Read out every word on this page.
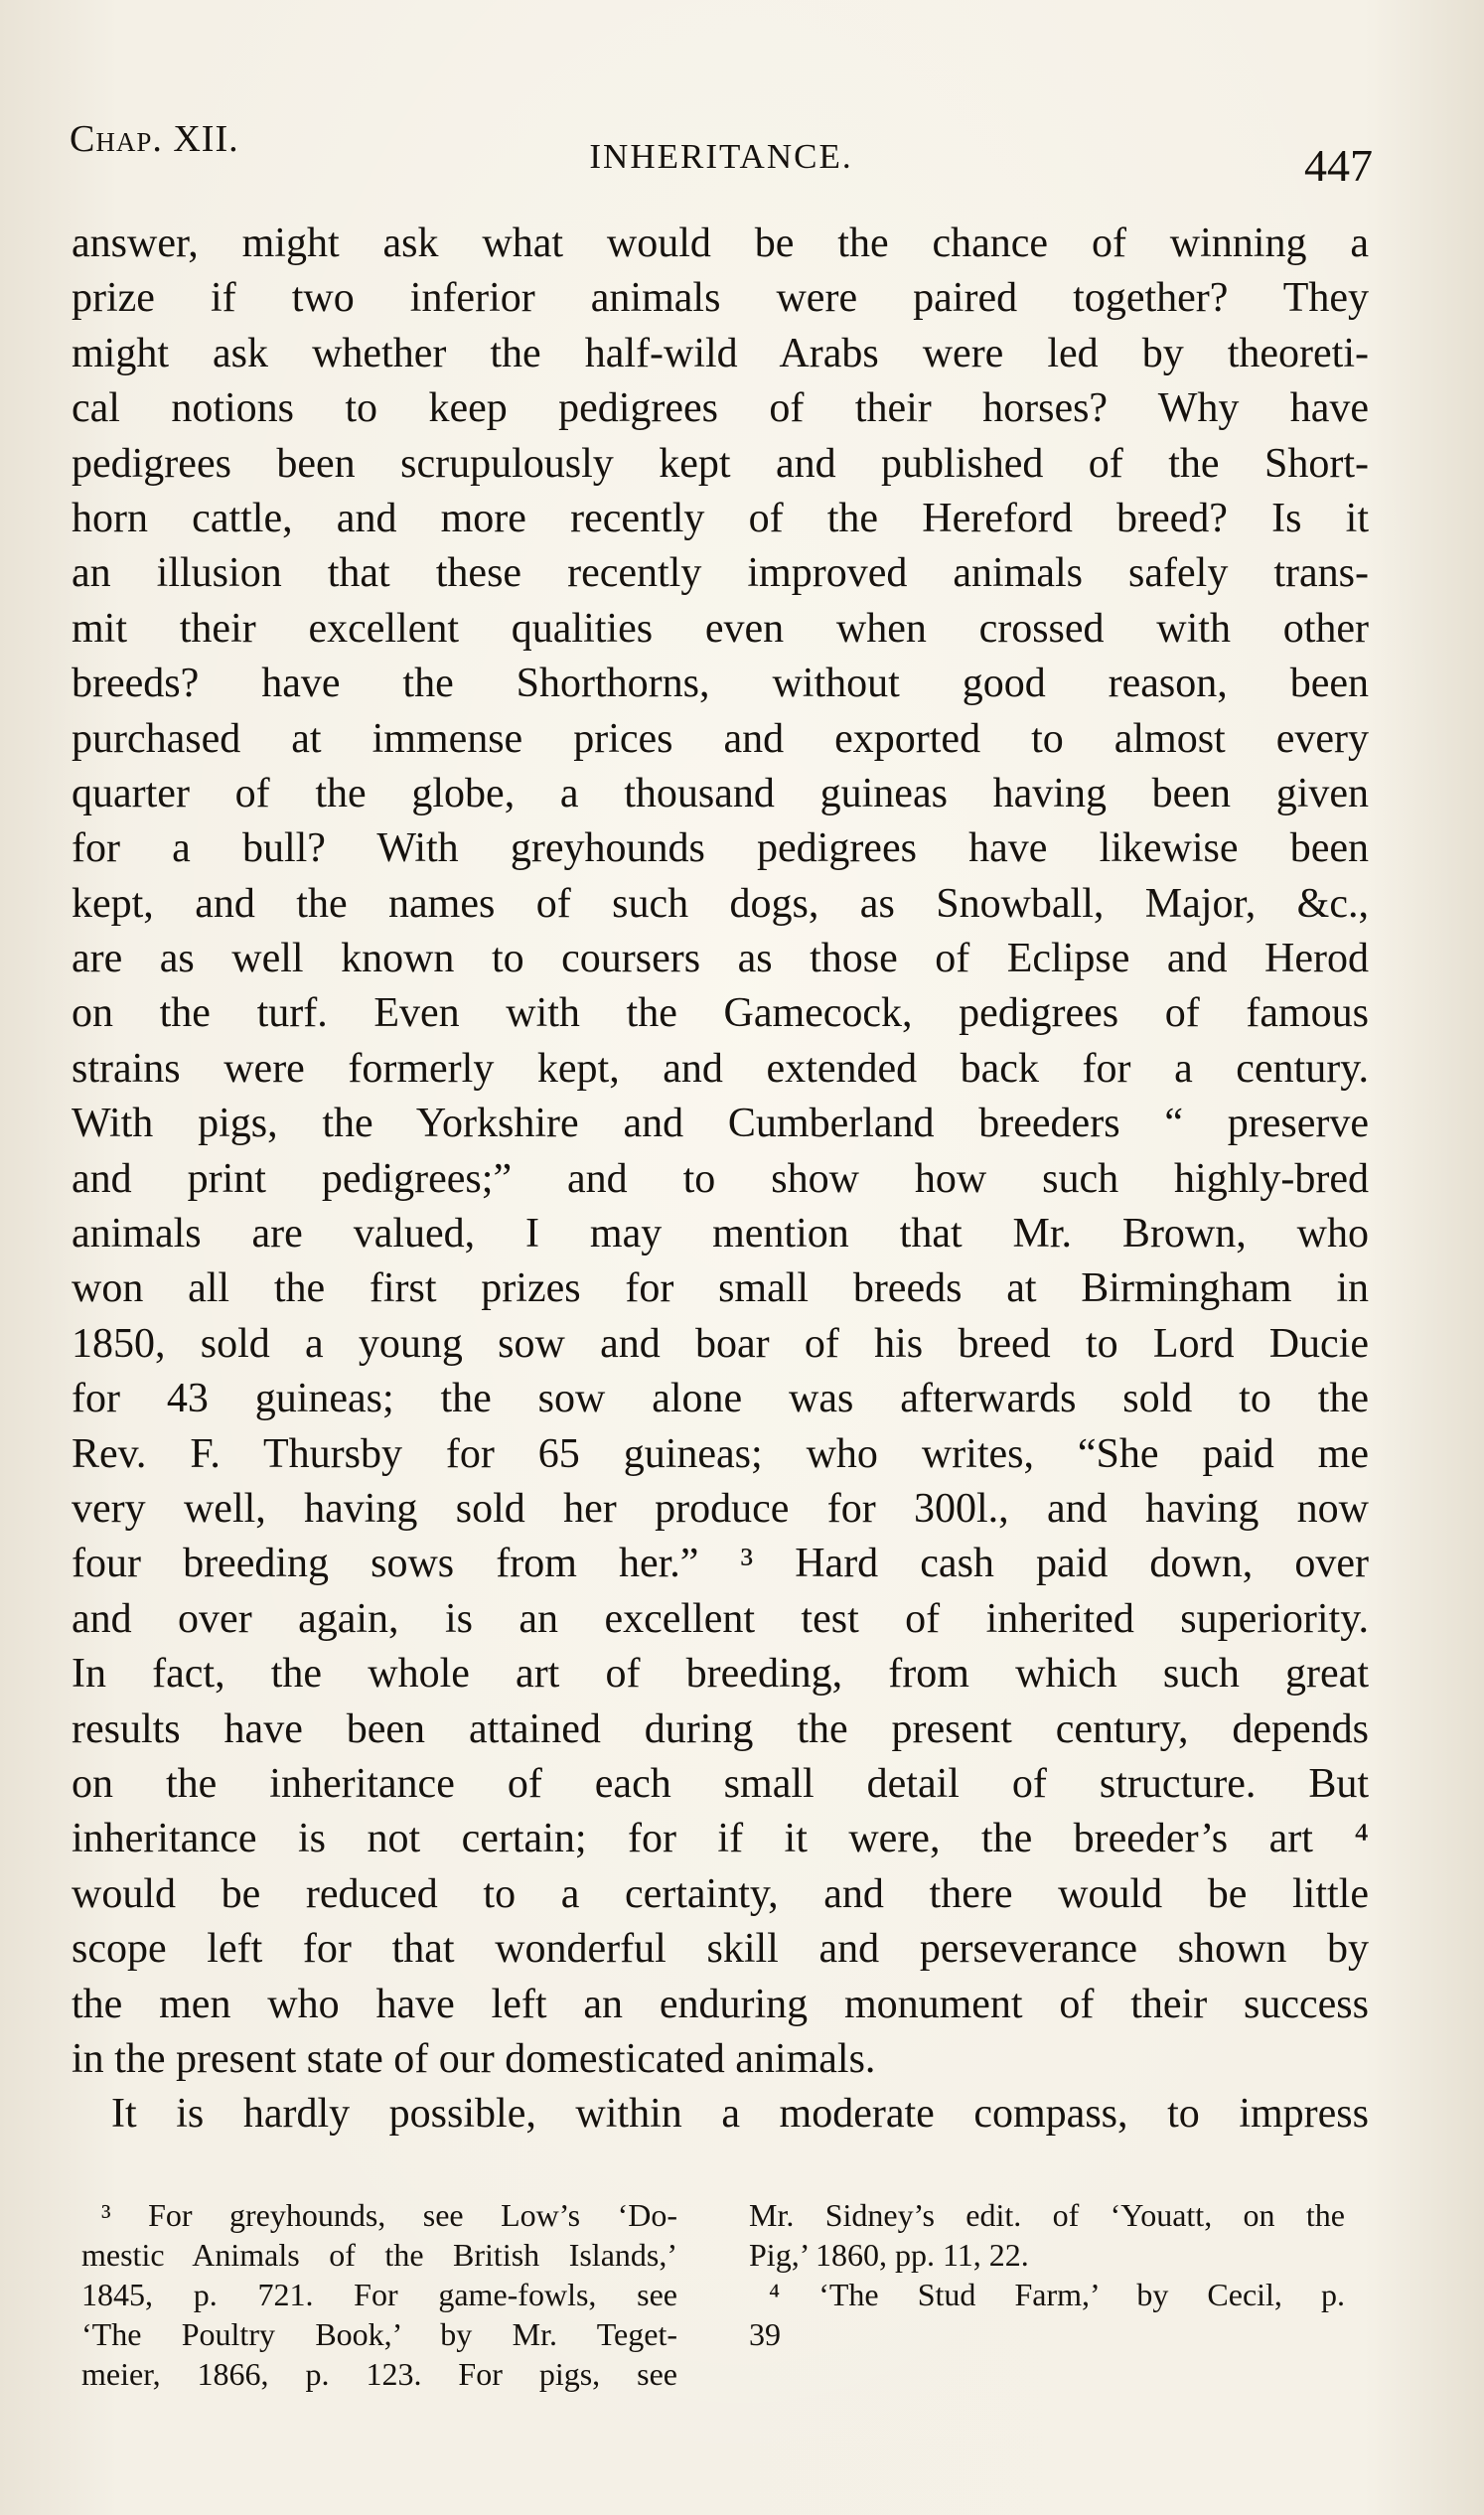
Chap. XII.	INHERITANCE.	447
answer, might ask what would be the chance of winning a
prize if two inferior animals were paired together? They
might ask whether the half-wild Arabs were led by theoreti-
cal notions to keep pedigrees of their horses? Why have
pedigrees been scrupulously kept and published of the Short-
horn cattle, and more recently of the Hereford breed? Is it
an illusion that these recently improved animals safely trans-
mit their excellent qualities even when crossed with other
breeds? have the Shorthorns, without good reason, been
purchased at immense prices and exported to almost every
quarter of the globe, a thousand guineas having been given
for a bull? With greyhounds pedigrees have likewise been
kept, and the names of such dogs, as Snowball, Major, &c.,
are as well known to coursers as those of Eclipse and Herod
on the turf. Even with the Gamecock, pedigrees of famous
strains were formerly kept, and extended back for a century.
With pigs, the Yorkshire and Cumberland breeders “ preserve
and print pedigrees;” and to show how such highly-bred
animals are valued, I may mention that Mr. Brown, who
won all the first prizes for small breeds at Birmingham in
1850, sold a young sow and boar of his breed to Lord Ducie
for 43 guineas; the sow alone was afterwards sold to the
Rev. F. Thursby for 65 guineas; who writes, “She paid me
very well, having sold her produce for 300l., and having now
four breeding sows from her.” ³ Hard cash paid down, over
and over again, is an excellent test of inherited superiority.
In fact, the whole art of breeding, from which such great
results have been attained during the present century, depends
on the inheritance of each small detail of structure. But
inheritance is not certain; for if it were, the breeder’s art ⁴
would be reduced to a certainty, and there would be little
scope left for that wonderful skill and perseverance shown by
the men who have left an enduring monument of their success
in the present state of our domesticated animals.
It is hardly possible, within a moderate compass, to impress
³ For greyhounds, see Low’s ‘Do-
mestic Animals of the British Islands,’
1845, p. 721. For game-fowls, see
‘The Poultry Book,’ by Mr. Teget-
meier, 1866, p. 123. For pigs, see
Mr. Sidney’s edit. of ‘Youatt, on the
Pig,’ 1860, pp. 11, 22.
⁴ ‘The Stud Farm,’ by Cecil, p.
39
